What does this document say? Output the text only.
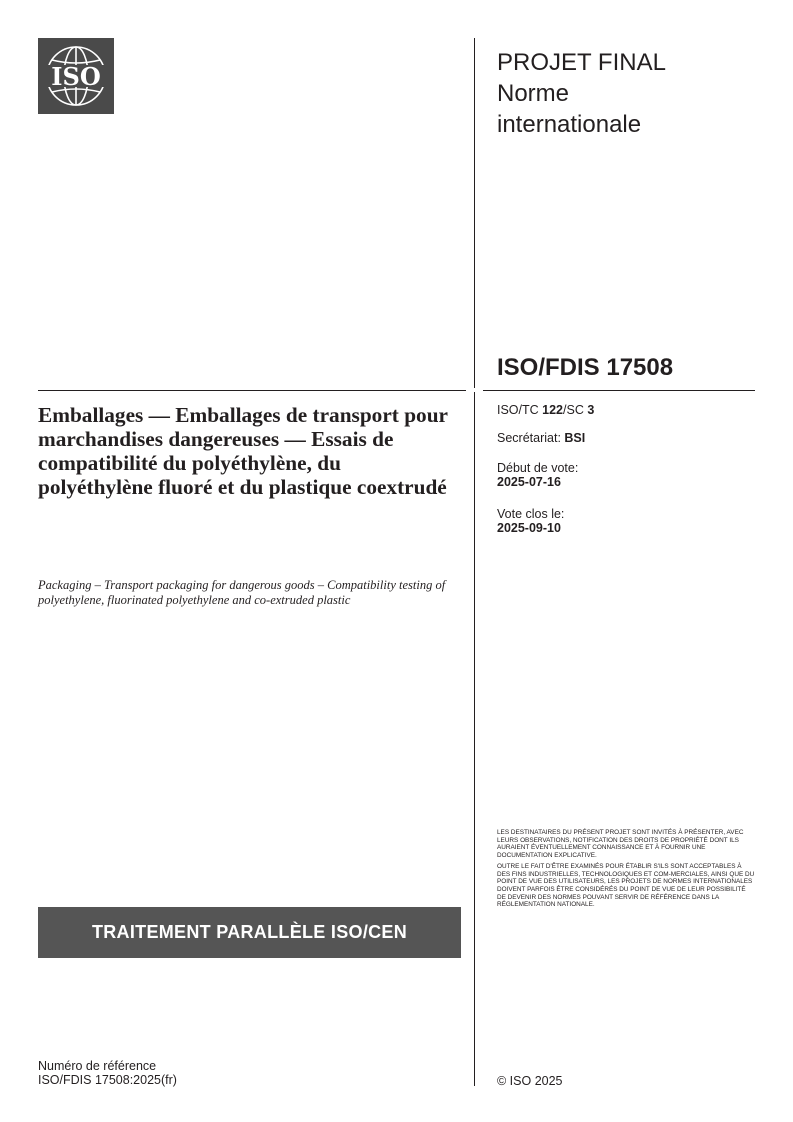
ISO	PROJET FINAL
Norme
internationale
ISO/FDIS 17508
Emballages — Emballages de transport pour marchandises dangereuses — Essais de compatibilité du polyéthylène, du polyéthylène fluoré et du plastique coextrudé
Packaging – Transport packaging for dangerous goods – Compatibility testing of polyethylene, fluorinated polyethylene and co-extruded plastic
ISO/TC 122/SC 3
Secrétariat: BSI
Début de vote:
2025-07-16
Vote clos le:
2025-09-10
TRAITEMENT PARALLÈLE ISO/CEN

LES DESTINATAIRES DU PRÉSENT PROJET SONT INVITÉS À PRÉSENTER, AVEC LEURS OBSERVATIONS, NOTIFICATION DES DROITS DE PROPRIÉTÉ DONT ILS AURAIENT ÉVENTUELLEMENT CONNAISSANCE ET À FOURNIR UNE DOCUMENTATION EXPLICATIVE.

OUTRE LE FAIT D'ÊTRE EXAMINÉS POUR ÉTABLIR S'ILS SONT ACCEPTABLES À DES FINS INDUSTRIELLES, TECHNOLOGIQUES ET COM-MERCIALES, AINSI QUE DU POINT DE VUE DES UTILISATEURS, LES PROJETS DE NORMES INTERNATIONALES DOIVENT PARFOIS ÊTRE CONSIDÉRÉS DU POINT DE VUE DE LEUR POSSIBILITÉ DE DEVENIR DES NORMES POUVANT SERVIR DE RÉFÉRENCE DANS LA RÉGLEMENTATION NATIONALE.

Numéro de référence
ISO/FDIS 17508:2025(fr)	© ISO 2025
